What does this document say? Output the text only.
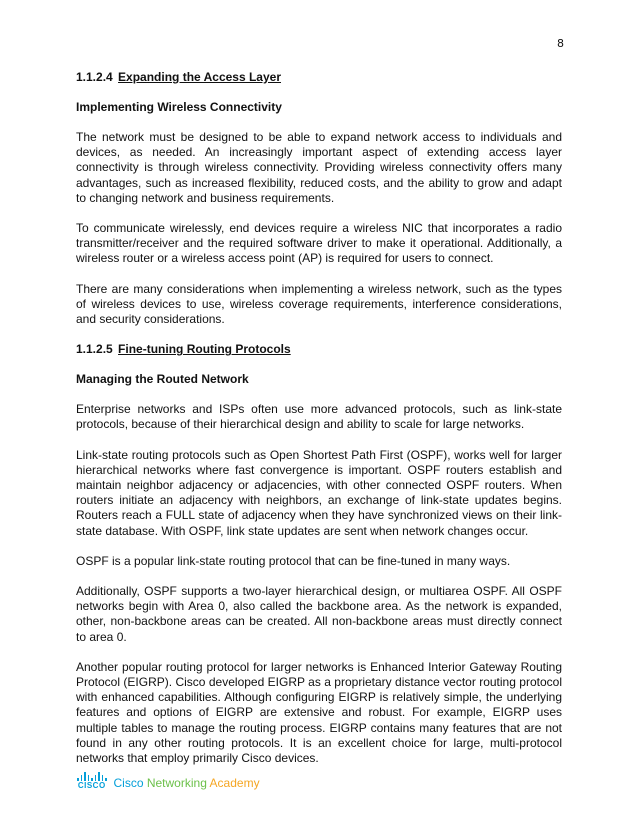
8
1.1.2.4 Expanding the Access Layer
Implementing Wireless Connectivity

The network must be designed to be able to expand network access to individuals and devices, as needed. An increasingly important aspect of extending access layer connectivity is through wireless connectivity. Providing wireless connectivity offers many advantages, such as increased flexibility, reduced costs, and the ability to grow and adapt to changing network and business requirements.

To communicate wirelessly, end devices require a wireless NIC that incorporates a radio transmitter/receiver and the required software driver to make it operational. Additionally, a wireless router or a wireless access point (AP) is required for users to connect.

There are many considerations when implementing a wireless network, such as the types of wireless devices to use, wireless coverage requirements, interference considerations, and security considerations.

1.1.2.5 Fine-tuning Routing Protocols
Managing the Routed Network

Enterprise networks and ISPs often use more advanced protocols, such as link-state protocols, because of their hierarchical design and ability to scale for large networks.

Link-state routing protocols such as Open Shortest Path First (OSPF), works well for larger hierarchical networks where fast convergence is important. OSPF routers establish and maintain neighbor adjacency or adjacencies, with other connected OSPF routers. When routers initiate an adjacency with neighbors, an exchange of link-state updates begins. Routers reach a FULL state of adjacency when they have synchronized views on their link-state database. With OSPF, link state updates are sent when network changes occur.

OSPF is a popular link-state routing protocol that can be fine-tuned in many ways.

Additionally, OSPF supports a two-layer hierarchical design, or multiarea OSPF. All OSPF networks begin with Area 0, also called the backbone area. As the network is expanded, other, non-backbone areas can be created. All non-backbone areas must directly connect to area 0.

Another popular routing protocol for larger networks is Enhanced Interior Gateway Routing Protocol (EIGRP). Cisco developed EIGRP as a proprietary distance vector routing protocol with enhanced capabilities. Although configuring EIGRP is relatively simple, the underlying features and options of EIGRP are extensive and robust. For example, EIGRP uses multiple tables to manage the routing process. EIGRP contains many features that are not found in any other routing protocols. It is an excellent choice for large, multi-protocol networks that employ primarily Cisco devices.

CISCO Cisco Networking Academy
